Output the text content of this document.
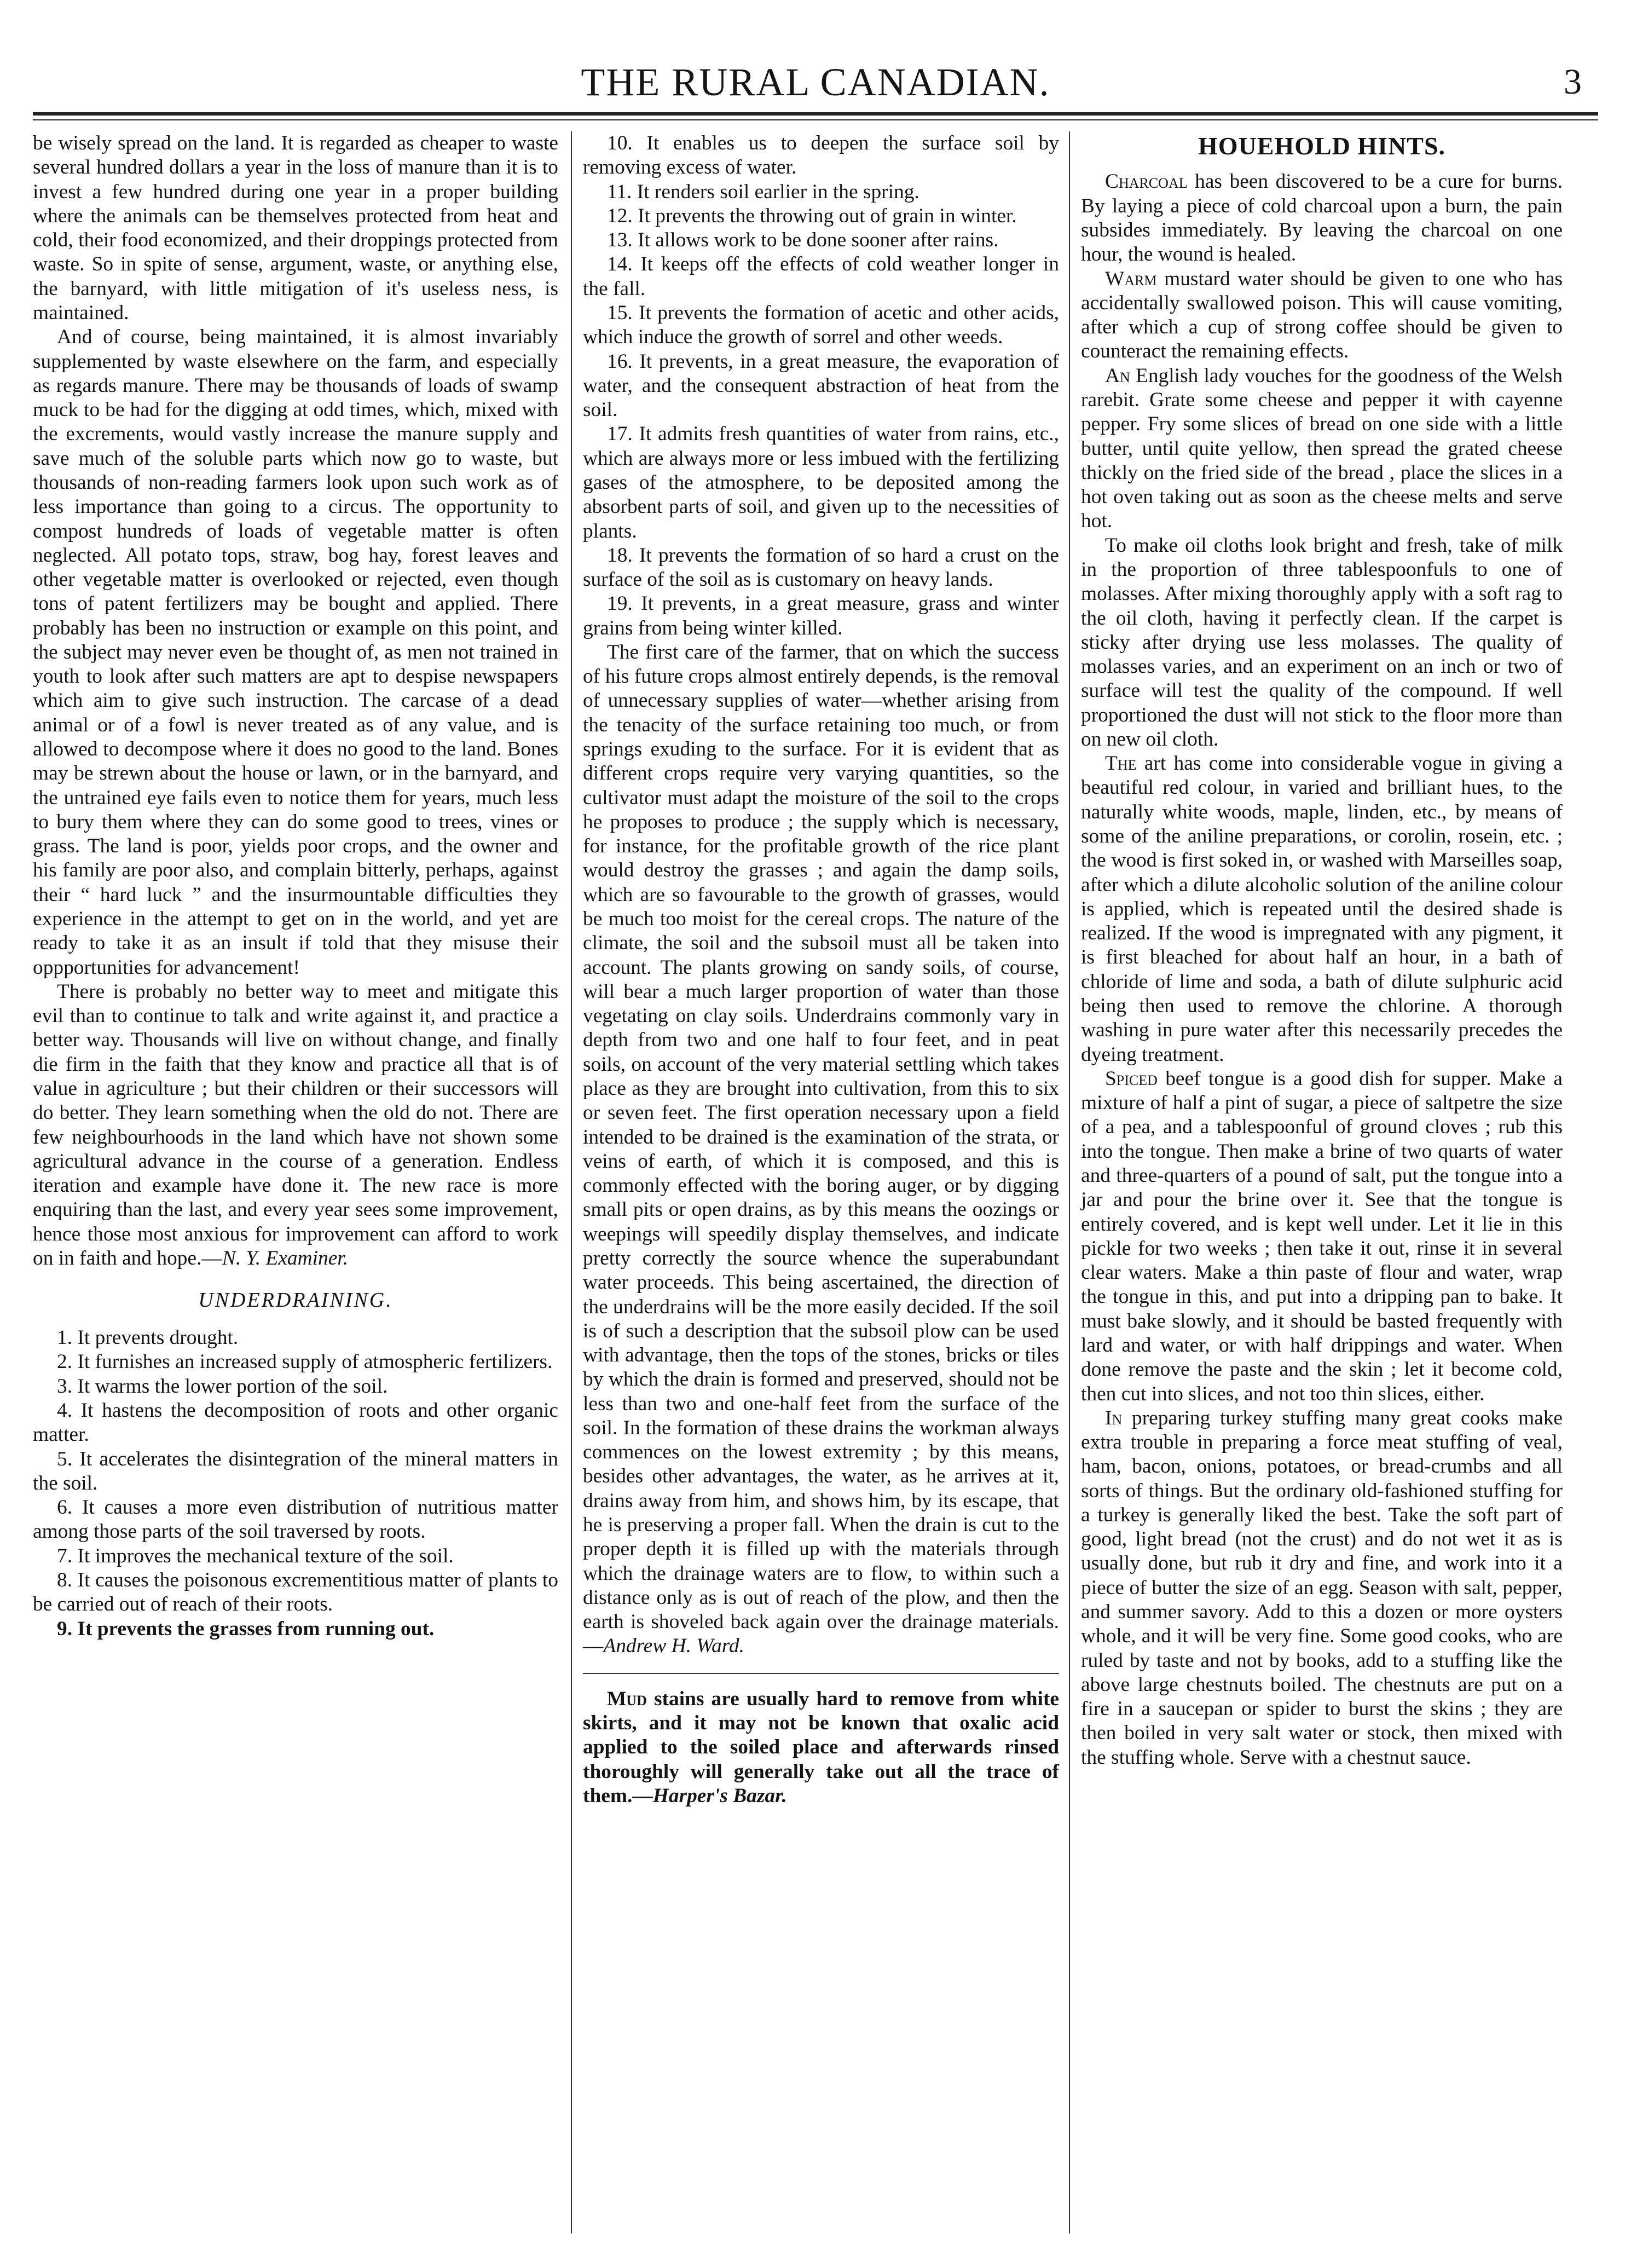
THE RURAL CANADIAN.	3

be wisely spread on the land. It is regarded as cheaper to waste several hundred dollars a year in the loss of manure than it is to invest a few hundred during one year in a proper building where the animals can be themselves protected from heat and cold, their food economized, and their droppings protected from waste. So in spite of sense, argument, waste, or anything else, the barnyard, with little mitigation of it's useless ness, is maintained.

And of course, being maintained, it is almost invariably supplemented by waste elsewhere on the farm, and especially as regards manure. There may be thousands of loads of swamp muck to be had for the digging at odd times, which, mixed with the excrements, would vastly increase the manure supply and save much of the soluble parts which now go to waste, but thousands of non-reading farmers look upon such work as of less importance than going to a circus. The opportunity to compost hundreds of loads of vegetable matter is often neglected. All potato tops, straw, bog hay, forest leaves and other vegetable matter is overlooked or rejected, even though tons of patent fertilizers may be bought and applied. There probably has been no instruction or example on this point, and the subject may never even be thought of, as men not trained in youth to look after such matters are apt to despise newspapers which aim to give such instruction. The carcase of a dead animal or of a fowl is never treated as of any value, and is allowed to decompose where it does no good to the land. Bones may be strewn about the house or lawn, or in the barnyard, and the untrained eye fails even to notice them for years, much less to bury them where they can do some good to trees, vines or grass. The land is poor, yields poor crops, and the owner and his family are poor also, and complain bitterly, perhaps, against their “ hard luck ” and the insurmountable difficulties they experience in the attempt to get on in the world, and yet are ready to take it as an insult if told that they misuse their oppportunities for advancement!

There is probably no better way to meet and mitigate this evil than to continue to talk and write against it, and practice a better way. Thousands will live on without change, and finally die firm in the faith that they know and practice all that is of value in agriculture ; but their children or their successors will do better. They learn something when the old do not. There are few neighbourhoods in the land which have not shown some agricultural advance in the course of a generation. Endless iteration and example have done it. The new race is more enquiring than the last, and every year sees some improvement, hence those most anxious for improvement can afford to work on in faith and hope.—N. Y. Examiner.

UNDERDRAINING.

1. It prevents drought.

2. It furnishes an increased supply of atmospheric fertilizers.

3. It warms the lower portion of the soil.

4. It hastens the decomposition of roots and other organic matter.

5. It accelerates the disintegration of the mineral matters in the soil.

6. It causes a more even distribution of nutritious matter among those parts of the soil traversed by roots.

7. It improves the mechanical texture of the soil.

8. It causes the poisonous excrementitious matter of plants to be carried out of reach of their roots.

9. It prevents the grasses from running out.

10. It enables us to deepen the surface soil by removing excess of water.

11. It renders soil earlier in the spring.

12. It prevents the throwing out of grain in winter.

13. It allows work to be done sooner after rains.

14. It keeps off the effects of cold weather longer in the fall.

15. It prevents the formation of acetic and other acids, which induce the growth of sorrel and other weeds.

16. It prevents, in a great measure, the evaporation of water, and the consequent abstraction of heat from the soil.

17. It admits fresh quantities of water from rains, etc., which are always more or less imbued with the fertilizing gases of the atmosphere, to be deposited among the absorbent parts of soil, and given up to the necessities of plants.

18. It prevents the formation of so hard a crust on the surface of the soil as is customary on heavy lands.

19. It prevents, in a great measure, grass and winter grains from being winter killed.

The first care of the farmer, that on which the success of his future crops almost entirely depends, is the removal of unnecessary supplies of water—whether arising from the tenacity of the surface retaining too much, or from springs exuding to the surface. For it is evident that as different crops require very varying quantities, so the cultivator must adapt the moisture of the soil to the crops he proposes to produce ; the supply which is necessary, for instance, for the profitable growth of the rice plant would destroy the grasses ; and again the damp soils, which are so favourable to the growth of grasses, would be much too moist for the cereal crops. The nature of the climate, the soil and the subsoil must all be taken into account. The plants growing on sandy soils, of course, will bear a much larger proportion of water than those vegetating on clay soils. Underdrains commonly vary in depth from two and one half to four feet, and in peat soils, on account of the very material settling which takes place as they are brought into cultivation, from this to six or seven feet. The first operation necessary upon a field intended to be drained is the examination of the strata, or veins of earth, of which it is composed, and this is commonly effected with the boring auger, or by digging small pits or open drains, as by this means the oozings or weepings will speedily display themselves, and indicate pretty correctly the source whence the superabundant water proceeds. This being ascertained, the direction of the underdrains will be the more easily decided. If the soil is of such a description that the subsoil plow can be used with advantage, then the tops of the stones, bricks or tiles by which the drain is formed and preserved, should not be less than two and one-half feet from the surface of the soil. In the formation of these drains the workman always commences on the lowest extremity ; by this means, besides other advantages, the water, as he arrives at it, drains away from him, and shows him, by its escape, that he is preserving a proper fall. When the drain is cut to the proper depth it is filled up with the materials through which the drainage waters are to flow, to within such a distance only as is out of reach of the plow, and then the earth is shoveled back again over the drainage materials.—Andrew H. Ward.

Mud stains are usually hard to remove from white skirts, and it may not be known that oxalic acid applied to the soiled place and afterwards rinsed thoroughly will generally take out all the trace of them.—Harper's Bazar.

HOUEHOLD HINTS.

Charcoal has been discovered to be a cure for burns. By laying a piece of cold charcoal upon a burn, the pain subsides immediately. By leaving the charcoal on one hour, the wound is healed.

Warm mustard water should be given to one who has accidentally swallowed poison. This will cause vomiting, after which a cup of strong coffee should be given to counteract the remaining effects.

An English lady vouches for the goodness of the Welsh rarebit. Grate some cheese and pepper it with cayenne pepper. Fry some slices of bread on one side with a little butter, until quite yellow, then spread the grated cheese thickly on the fried side of the bread , place the slices in a hot oven taking out as soon as the cheese melts and serve hot.

To make oil cloths look bright and fresh, take of milk in the proportion of three tablespoonfuls to one of molasses. After mixing thoroughly apply with a soft rag to the oil cloth, having it perfectly clean. If the carpet is sticky after drying use less molasses. The quality of molasses varies, and an experiment on an inch or two of surface will test the quality of the compound. If well proportioned the dust will not stick to the floor more than on new oil cloth.

The art has come into considerable vogue in giving a beautiful red colour, in varied and brilliant hues, to the naturally white woods, maple, linden, etc., by means of some of the aniline preparations, or corolin, rosein, etc. ; the wood is first soked in, or washed with Marseilles soap, after which a dilute alcoholic solution of the aniline colour is applied, which is repeated until the desired shade is realized. If the wood is impregnated with any pigment, it is first bleached for about half an hour, in a bath of chloride of lime and soda, a bath of dilute sulphuric acid being then used to remove the chlorine. A thorough washing in pure water after this necessarily precedes the dyeing treatment.

Spiced beef tongue is a good dish for supper. Make a mixture of half a pint of sugar, a piece of saltpetre the size of a pea, and a tablespoonful of ground cloves ; rub this into the tongue. Then make a brine of two quarts of water and three-quarters of a pound of salt, put the tongue into a jar and pour the brine over it. See that the tongue is entirely covered, and is kept well under. Let it lie in this pickle for two weeks ; then take it out, rinse it in several clear waters. Make a thin paste of flour and water, wrap the tongue in this, and put into a dripping pan to bake. It must bake slowly, and it should be basted frequently with lard and water, or with half drippings and water. When done remove the paste and the skin ; let it become cold, then cut into slices, and not too thin slices, either.

In preparing turkey stuffing many great cooks make extra trouble in preparing a force meat stuffing of veal, ham, bacon, onions, potatoes, or bread-crumbs and all sorts of things. But the ordinary old-fashioned stuffing for a turkey is generally liked the best. Take the soft part of good, light bread (not the crust) and do not wet it as is usually done, but rub it dry and fine, and work into it a piece of butter the size of an egg. Season with salt, pepper, and summer savory. Add to this a dozen or more oysters whole, and it will be very fine. Some good cooks, who are ruled by taste and not by books, add to a stuffing like the above large chestnuts boiled. The chestnuts are put on a fire in a saucepan or spider to burst the skins ; they are then boiled in very salt water or stock, then mixed with the stuffing whole. Serve with a chestnut sauce.
